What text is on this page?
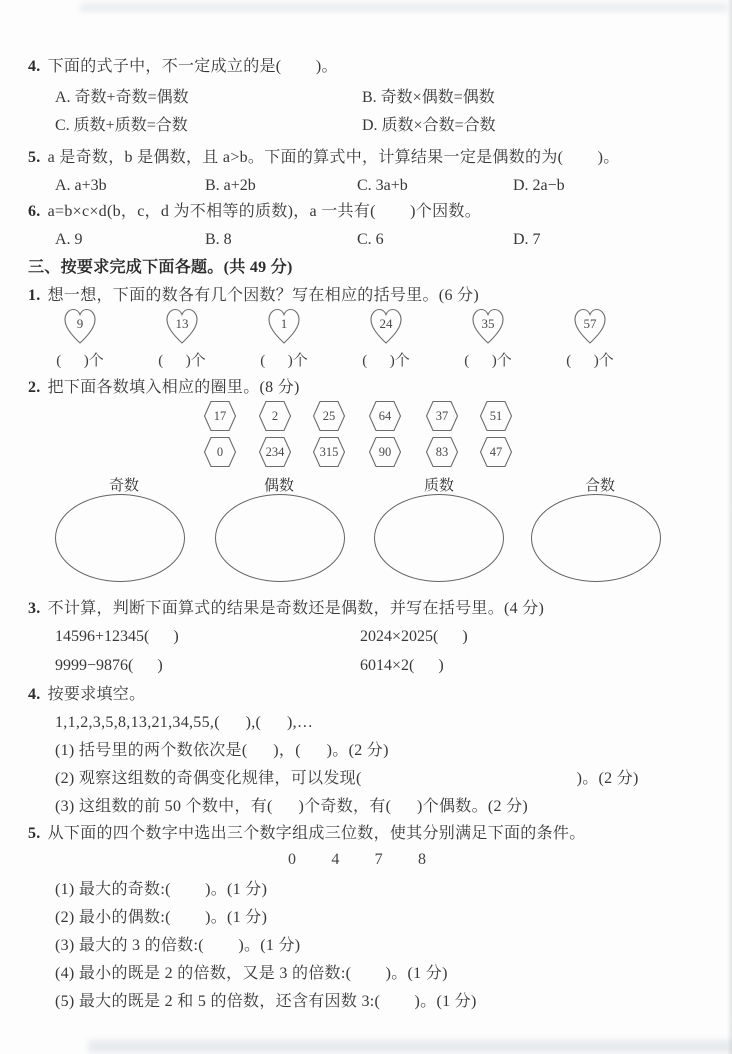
4. 下面的式子中，不一定成立的是(        )。
A. 奇数+奇数=偶数	B. 奇数×偶数=偶数
C. 质数+质数=合数	D. 质数×合数=合数
5. a 是奇数，b 是偶数，且 a>b。下面的算式中，计算结果一定是偶数的为(        )。
A. a+3b	B. a+2b	C. 3a+b	D. 2a−b
6. a=b×c×d(b，c，d 为不相等的质数)，a 一共有(        )个因数。
A. 9	B. 8	C. 6	D. 7
三、按要求完成下面各题。(共 49 分)
1. 想一想，下面的数各有几个因数？写在相应的括号里。(6 分)
9	13	1	24	35	57
(      )个	(      )个	(      )个	(      )个	(      )个	(      )个
2. 把下面各数填入相应的圈里。(8 分)
17	2	25	64	37	51
0	234	315	90	83	47
奇数	偶数	质数	合数
3. 不计算，判断下面算式的结果是奇数还是偶数，并写在括号里。(4 分)
14596+12345(      )	2024×2025(      )
9999−9876(      )	6014×2(      )
4. 按要求填空。
1,1,2,3,5,8,13,21,34,55,(      ),(      ),…
(1) 括号里的两个数依次是(      )，(      )。(2 分)
(2) 观察这组数的奇偶变化规律，可以发现(                                                  )。(2 分)
(3) 这组数的前 50 个数中，有(      )个奇数，有(      )个偶数。(2 分)
5. 从下面的四个数字中选出三个数字组成三位数，使其分别满足下面的条件。
0 4 7 8
(1) 最大的奇数:(        )。(1 分)
(2) 最小的偶数:(        )。(1 分)
(3) 最大的 3 的倍数:(        )。(1 分)
(4) 最小的既是 2 的倍数，又是 3 的倍数:(        )。(1 分)
(5) 最大的既是 2 和 5 的倍数，还含有因数 3:(        )。(1 分)
